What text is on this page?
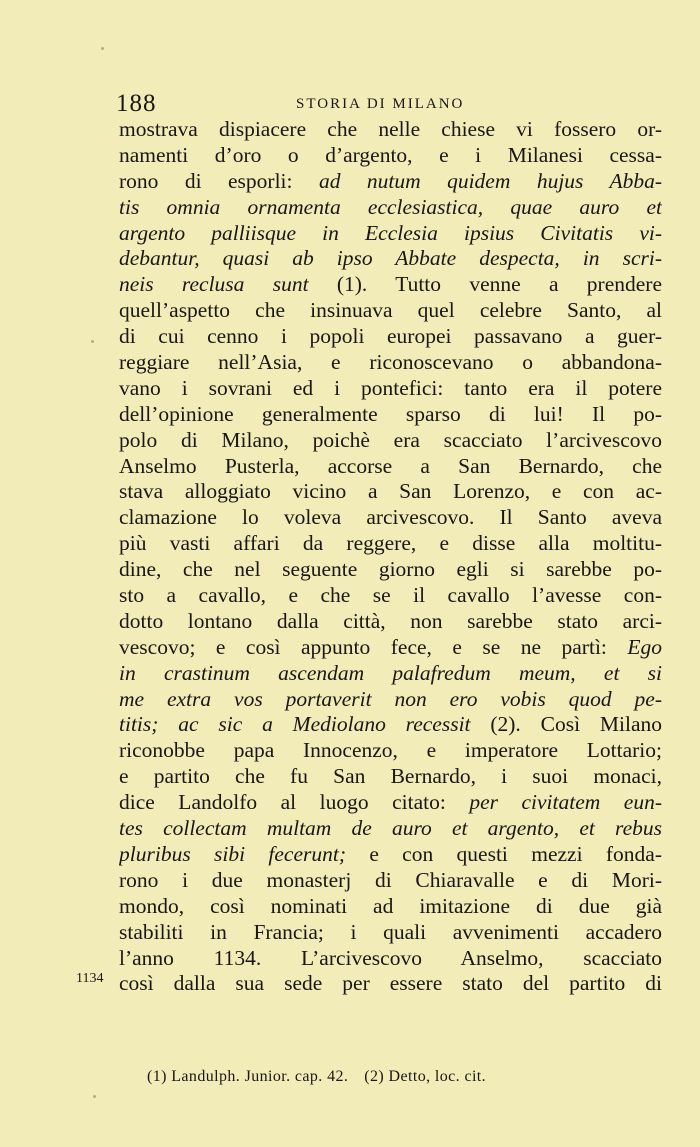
188	STORIA DI MILANO
mostrava dispiacere che nelle chiese vi fossero or-
namenti d’oro o d’argento, e i Milanesi cessa-
rono di esporli: ad nutum quidem hujus Abba-
tis omnia ornamenta ecclesiastica, quae auro et
argento palliisque in Ecclesia ipsius Civitatis vi-
debantur, quasi ab ipso Abbate despecta, in scri-
neis reclusa sunt (1). Tutto venne a prendere
quell’aspetto che insinuava quel celebre Santo, al
di cui cenno i popoli europei passavano a guer-
reggiare nell’Asia, e riconoscevano o abbandona-
vano i sovrani ed i pontefici: tanto era il potere
dell’opinione generalmente sparso di lui! Il po-
polo di Milano, poichè era scacciato l’arcivescovo
Anselmo Pusterla, accorse a San Bernardo, che
stava alloggiato vicino a San Lorenzo, e con ac-
clamazione lo voleva arcivescovo. Il Santo aveva
più vasti affari da reggere, e disse alla moltitu-
dine, che nel seguente giorno egli si sarebbe po-
sto a cavallo, e che se il cavallo l’avesse con-
dotto lontano dalla città, non sarebbe stato arci-
vescovo; e così appunto fece, e se ne partì: Ego
in crastinum ascendam palafredum meum, et si
me extra vos portaverit non ero vobis quod pe-
titis; ac sic a Mediolano recessit (2). Così Milano
riconobbe papa Innocenzo, e imperatore Lottario;
e partito che fu San Bernardo, i suoi monaci,
dice Landolfo al luogo citato: per civitatem eun-
tes collectam multam de auro et argento, et rebus
pluribus sibi fecerunt; e con questi mezzi fonda-
rono i due monasterj di Chiaravalle e di Mori-
mondo, così nominati ad imitazione di due già
stabiliti in Francia; i quali avvenimenti accadero
l’anno 1134. L’arcivescovo Anselmo, scacciato
così dalla sua sede per essere stato del partito di
1134
(1) Landulph. Junior. cap. 42. (2) Detto, loc. cit.
